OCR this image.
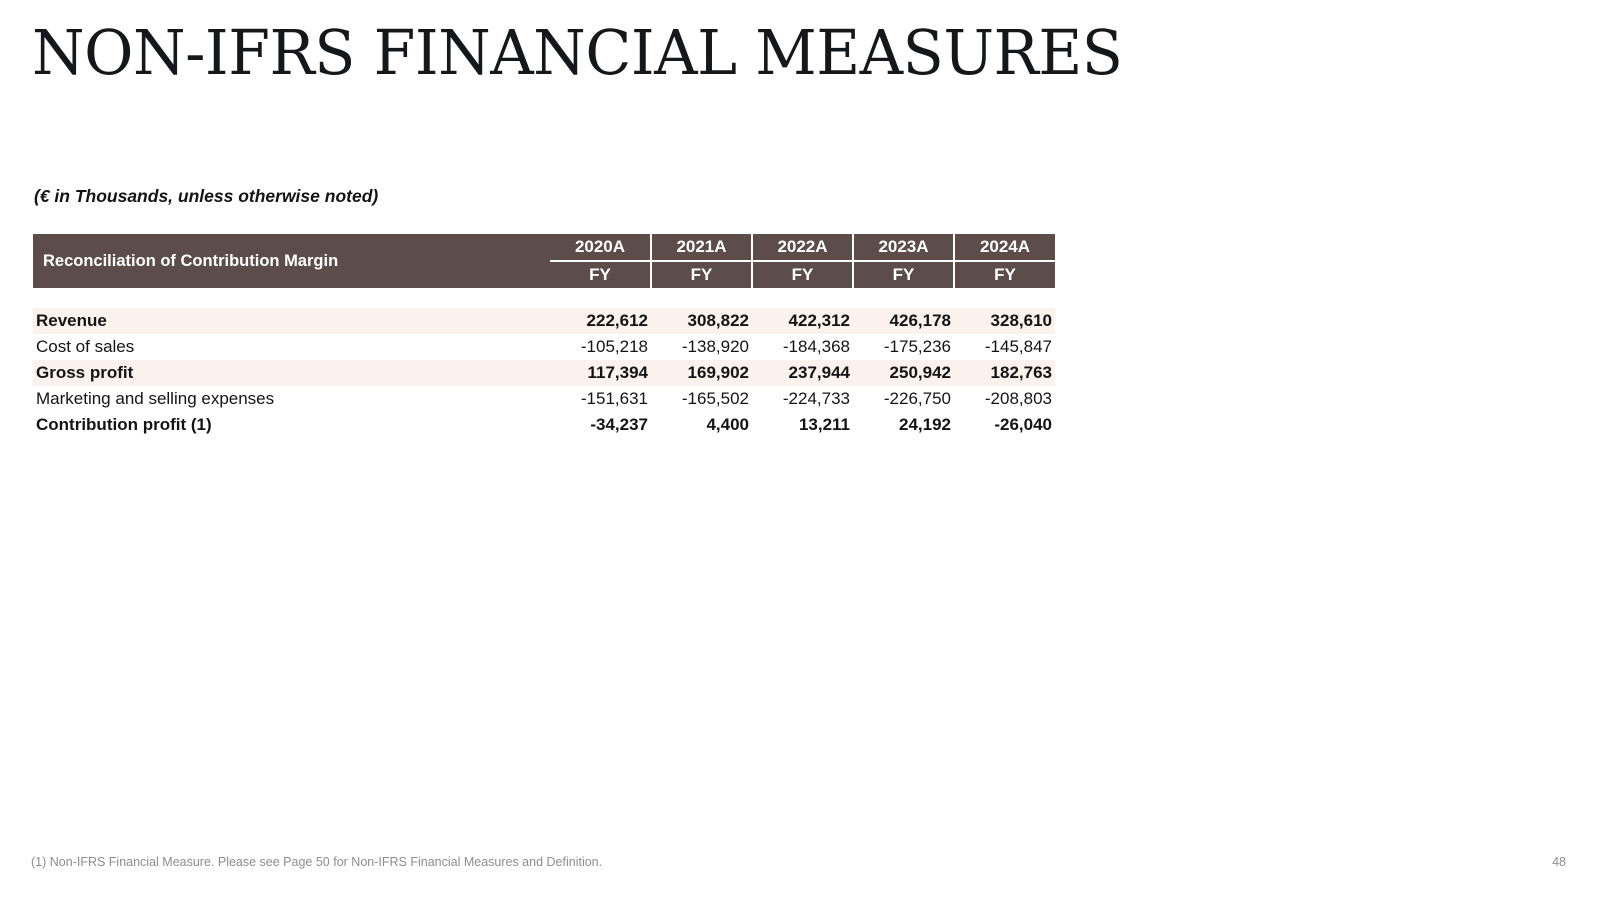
NON-IFRS FINANCIAL MEASURES
(€ in Thousands, unless otherwise noted)
Reconciliation of Contribution Margin	2020A	2021A	2022A	2023A	2024A
	FY	FY	FY	FY	FY

Revenue	222,612	308,822	422,312	426,178	328,610
Cost of sales	-105,218	-138,920	-184,368	-175,236	-145,847
Gross profit	117,394	169,902	237,944	250,942	182,763
Marketing and selling expenses	-151,631	-165,502	-224,733	-226,750	-208,803
Contribution profit (1)	-34,237	4,400	13,211	24,192	-26,040
(1) Non-IFRS Financial Measure. Please see Page 50 for Non-IFRS Financial Measures and Definition.	48
